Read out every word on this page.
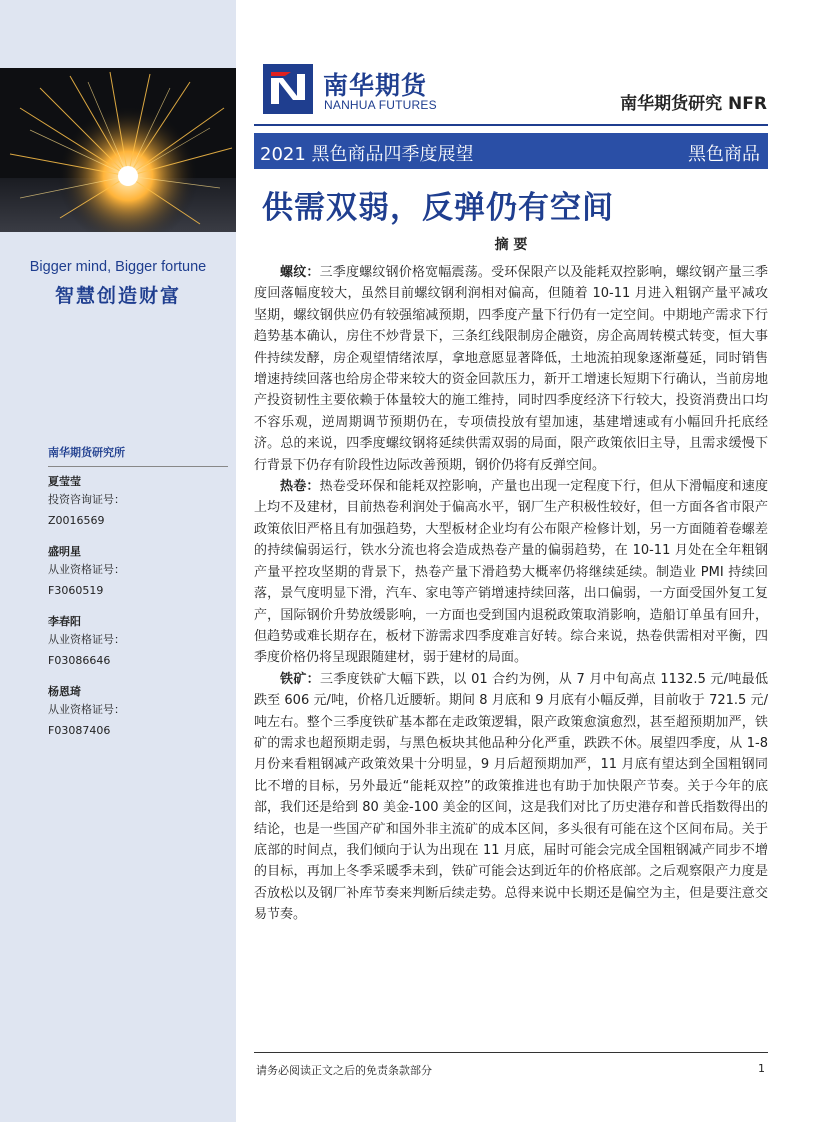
Bigger mind, Bigger fortune
智慧创造财富
南华期货研究所
夏莹莹
投资咨询证号：
Z0016569
盛明星
从业资格证号：
F3060519
李春阳
从业资格证号：
F03086646
杨恩琦
从业资格证号：
F03087406
南华期货
NANHUA FUTURES	南华期货研究 NFR
2021 黑色商品四季度展望	黑色商品
供需双弱，反弹仍有空间
摘 要

螺纹：三季度螺纹钢价格宽幅震荡。受环保限产以及能耗双控影响，螺纹钢产量三季度回落幅度较大，虽然目前螺纹钢利润相对偏高，但随着 10-11 月进入粗钢产量平减攻坚期，螺纹钢供应仍有较强缩减预期，四季度产量下行仍有一定空间。中期地产需求下行趋势基本确认，房住不炒背景下，三条红线限制房企融资，房企高周转模式转变，恒大事件持续发酵，房企观望情绪浓厚，拿地意愿显著降低，土地流拍现象逐渐蔓延，同时销售增速持续回落也给房企带来较大的资金回款压力，新开工增速长短期下行确认，当前房地产投资韧性主要依赖于体量较大的施工维持，同时四季度经济下行较大，投资消费出口均不容乐观，逆周期调节预期仍在，专项债投放有望加速，基建增速或有小幅回升托底经济。总的来说，四季度螺纹钢将延续供需双弱的局面，限产政策依旧主导，且需求缓慢下行背景下仍存有阶段性边际改善预期，钢价仍将有反弹空间。

热卷：热卷受环保和能耗双控影响，产量也出现一定程度下行，但从下滑幅度和速度上均不及建材，目前热卷利润处于偏高水平，钢厂生产积极性较好，但一方面各省市限产政策依旧严格且有加强趋势，大型板材企业均有公布限产检修计划，另一方面随着卷螺差的持续偏弱运行，铁水分流也将会造成热卷产量的偏弱趋势，在 10-11 月处在全年粗钢产量平控攻坚期的背景下，热卷产量下滑趋势大概率仍将继续延续。制造业 PMI 持续回落，景气度明显下滑，汽车、家电等产销增速持续回落，出口偏弱，一方面受国外复工复产，国际钢价升势放缓影响，一方面也受到国内退税政策取消影响，造船订单虽有回升，但趋势或难长期存在，板材下游需求四季度难言好转。综合来说，热卷供需相对平衡，四季度价格仍将呈现跟随建材，弱于建材的局面。

铁矿：三季度铁矿大幅下跌，以 01 合约为例，从 7 月中旬高点 1132.5 元/吨最低跌至 606 元/吨，价格几近腰斩。期间 8 月底和 9 月底有小幅反弹，目前收于 721.5 元/吨左右。整个三季度铁矿基本都在走政策逻辑，限产政策愈演愈烈，甚至超预期加严，铁矿的需求也超预期走弱，与黑色板块其他品种分化严重，跌跌不休。展望四季度，从 1-8 月份来看粗钢减产政策效果十分明显，9 月后超预期加严，11 月底有望达到全国粗钢同比不增的目标，另外最近“能耗双控”的政策推进也有助于加快限产节奏。关于今年的底部，我们还是给到 80 美金-100 美金的区间，这是我们对比了历史港存和普氏指数得出的结论，也是一些国产矿和国外非主流矿的成本区间，多头很有可能在这个区间布局。关于底部的时间点，我们倾向于认为出现在 11 月底，届时可能会完成全国粗钢减产同步不增的目标，再加上冬季采暖季未到，铁矿可能会达到近年的价格底部。之后观察限产力度是否放松以及钢厂补库节奏来判断后续走势。总得来说中长期还是偏空为主，但是要注意交易节奏。

请务必阅读正文之后的免责条款部分	1
